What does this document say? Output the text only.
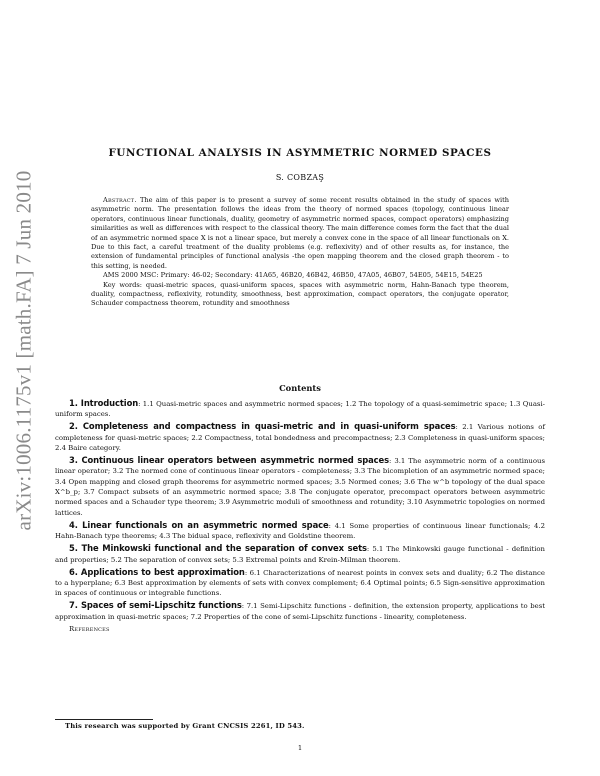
arXiv:1006.1175v1 [math.FA] 7 Jun 2010
FUNCTIONAL ANALYSIS IN ASYMMETRIC NORMED SPACES
S. COBZAŞ

Abstract. The aim of this paper is to present a survey of some recent results obtained in the study of spaces with asymmetric norm. The presentation follows the ideas from the theory of normed spaces (topology, continuous linear operators, continuous linear functionals, duality, geometry of asymmetric normed spaces, compact operators) emphasizing similarities as well as differences with respect to the classical theory. The main difference comes form the fact that the dual of an asymmetric normed space X is not a linear space, but merely a convex cone in the space of all linear functionals on X. Due to this fact, a careful treatment of the duality problems (e.g. reflexivity) and of other results as, for instance, the extension of fundamental principles of functional analysis -the open mapping theorem and the closed graph theorem - to this setting, is needed.

AMS 2000 MSC: Primary: 46-02; Secondary: 41A65, 46B20, 46B42, 46B50, 47A05, 46B07, 54E05, 54E15, 54E25

Key words: quasi-metric spaces, quasi-uniform spaces, spaces with asymmetric norm, Hahn-Banach type theorem, duality, compactness, reflexivity, rotundity, smoothness, best approximation, compact operators, the conjugate operator, Schauder compactness theorem, rotundity and smoothness

Contents

1. Introduction: 1.1 Quasi-metric spaces and asymmetric normed spaces; 1.2 The topology of a quasi-semimetric space; 1.3 Quasi-uniform spaces.

2. Completeness and compactness in quasi-metric and in quasi-uniform spaces: 2.1 Various notions of completeness for quasi-metric spaces; 2.2 Compactness, total bondedness and precompactness; 2.3 Completeness in quasi-uniform spaces; 2.4 Baire category.

3. Continuous linear operators between asymmetric normed spaces: 3.1 The asymmetric norm of a continuous linear operator; 3.2 The normed cone of continuous linear operators - completeness; 3.3 The bicompletion of an asymmetric normed space; 3.4 Open mapping and closed graph theorems for asymmetric normed spaces; 3.5 Normed cones; 3.6 The w^b topology of the dual space X^b_p; 3.7 Compact subsets of an asymmetric normed space; 3.8 The conjugate operator, precompact operators between asymmetric normed spaces and a Schauder type theorem; 3.9 Asymmetric moduli of smoothness and rotundity; 3.10 Asymmetric topologies on normed lattices.

4. Linear functionals on an asymmetric normed space: 4.1 Some properties of continuous linear functionals; 4.2 Hahn-Banach type theorems; 4.3 The bidual space, reflexivity and Goldstine theorem.

5. The Minkowski functional and the separation of convex sets: 5.1 The Minkowski gauge functional - definition and properties; 5.2 The separation of convex sets; 5.3 Extremal points and Krein-Milman theorem.

6. Applications to best approximation: 6.1 Characterizations of nearest points in convex sets and duality; 6.2 The distance to a hyperplane; 6.3 Best approximation by elements of sets with convex complement; 6.4 Optimal points; 6.5 Sign-sensitive approximation in spaces of continuous or integrable functions.

7. Spaces of semi-Lipschitz functions: 7.1 Semi-Lipschitz functions - definition, the extension property, applications to best approximation in quasi-metric spaces; 7.2 Properties of the cone of semi-Lipschitz functions - linearity, completeness.

References

This research was supported by Grant CNCSIS 2261, ID 543.
1
